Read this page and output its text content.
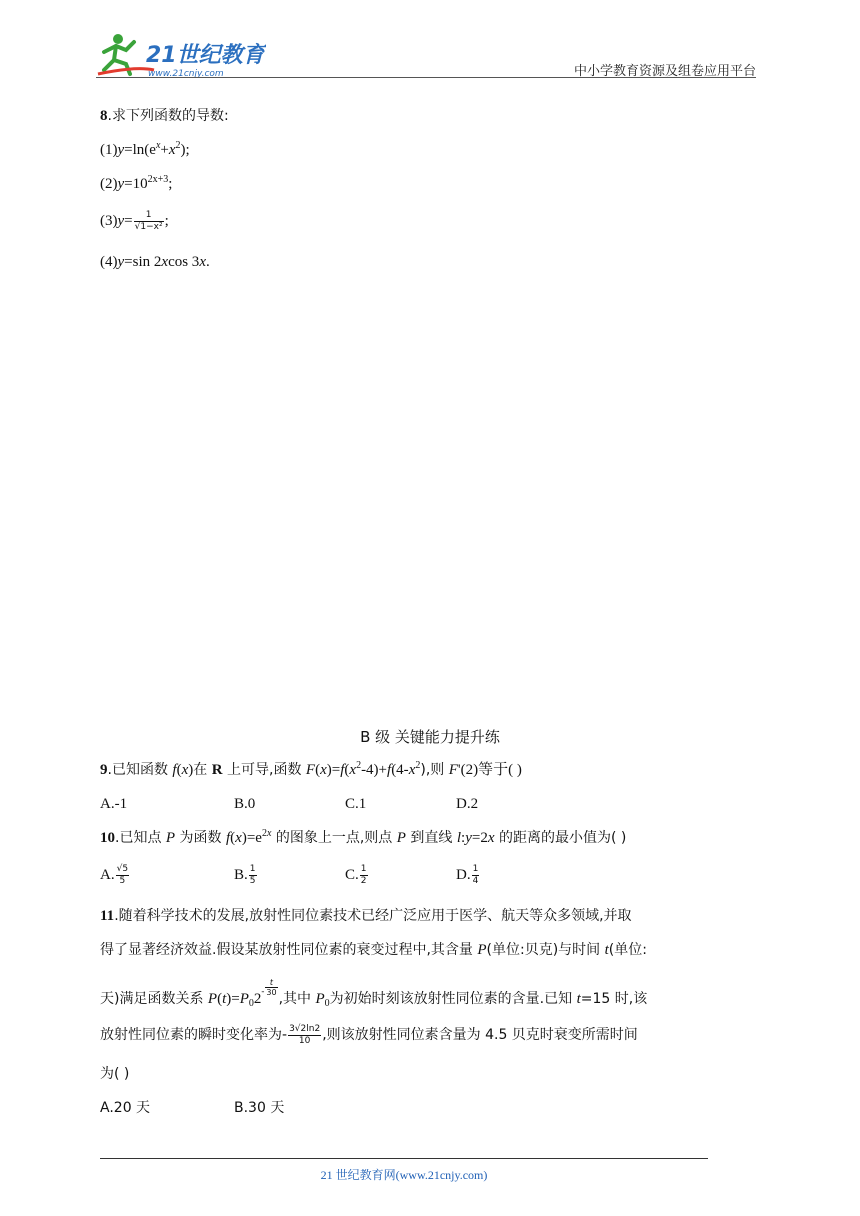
21世纪教育
www.21cnjy.com	中小学教育资源及组卷应用平台
8.求下列函数的导数:
$(1)y=\ln(e^x+x^2)$;
$(2)y=10^{2x+3}$;
$(3)y= \frac{1}{\text{√1−x²}}$ ;
(4)y=sin 2xcos 3x.
B 级 关键能力提升练
9.已知函数 f(x)在 R 上可导,函数 $F(x)=f(x^2-4)+f(4-x^2)$,则 F'(2)等于( )
A.-1	B.0	C.1	D.2
10.已知点 P 为函数 $f(x)=e^{2x}$ 的图象上一点,则点 P 到直线 l:y=2x 的距离的最小值为( )
A. $\frac{√5}{5}$	B. $\frac{1}{5}$	C. $\frac{1}{2}$	D. $\frac{1}{4}$
11.随着科学技术的发展,放射性同位素技术已经广泛应用于医学、航天等众多领域,并取
得了显著经济效益.假设某放射性同位素的衰变过程中,其含量 P(单位:贝克)与时间 t(单位:
天)满足函数关系 $P(t)=P_02- \frac{t}{30}$
,其中 $P_0$为初始时刻该放射性同位素的含量.已知 t=15 时,该
放射性同位素的瞬时变化率为- $\frac{3√2\ln 2}{10}$ ,则该放射性同位素含量为 4.5 贝克时衰变所需时间
为( )
A.20 天	B.30 天
21 世纪教育网(www.21cnjy.com)
